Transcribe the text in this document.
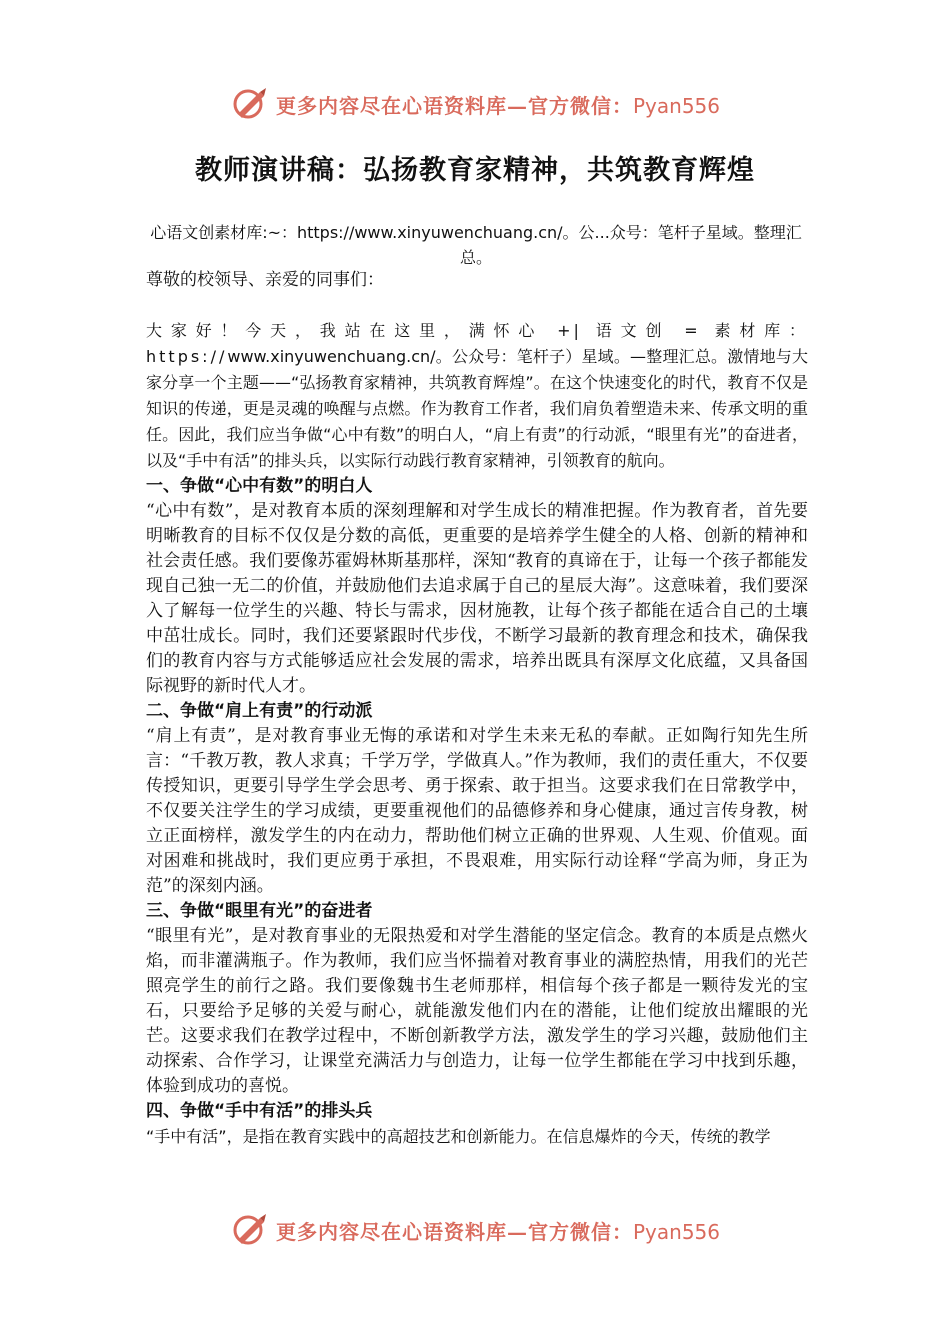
更多内容尽在心语资料库—官方微信：Pyan556
教师演讲稿：弘扬教育家精神，共筑教育辉煌
心语文创素材库:~：https://www.xinyuwenchuang.cn/。公...众号：笔杆子星域。整理汇总。

尊敬的校领导、亲爱的同事们：

大家好！今天，我站在这里，满怀心 +| 语文创 = 素材库：https://www.xinyuwenchuang.cn/。公众号：笔杆子）星域。—整理汇总。激情地与大家分享一个主题——“弘扬教育家精神，共筑教育辉煌”。在这个快速变化的时代，教育不仅是知识的传递，更是灵魂的唤醒与点燃。作为教育工作者，我们肩负着塑造未来、传承文明的重任。因此，我们应当争做“心中有数”的明白人，“肩上有责”的行动派，“眼里有光”的奋进者，以及“手中有活”的排头兵，以实际行动践行教育家精神，引领教育的航向。

一、争做“心中有数”的明白人

“心中有数”，是对教育本质的深刻理解和对学生成长的精准把握。作为教育者，首先要明晰教育的目标不仅仅是分数的高低，更重要的是培养学生健全的人格、创新的精神和社会责任感。我们要像苏霍姆林斯基那样，深知“教育的真谛在于，让每一个孩子都能发现自己独一无二的价值，并鼓励他们去追求属于自己的星辰大海”。这意味着，我们要深入了解每一位学生的兴趣、特长与需求，因材施教，让每个孩子都能在适合自己的土壤中茁壮成长。同时，我们还要紧跟时代步伐，不断学习最新的教育理念和技术，确保我们的教育内容与方式能够适应社会发展的需求，培养出既具有深厚文化底蕴，又具备国际视野的新时代人才。

二、争做“肩上有责”的行动派

“肩上有责”，是对教育事业无悔的承诺和对学生未来无私的奉献。正如陶行知先生所言：“千教万教，教人求真；千学万学，学做真人。”作为教师，我们的责任重大，不仅要传授知识，更要引导学生学会思考、勇于探索、敢于担当。这要求我们在日常教学中，不仅要关注学生的学习成绩，更要重视他们的品德修养和身心健康，通过言传身教，树立正面榜样，激发学生的内在动力，帮助他们树立正确的世界观、人生观、价值观。面对困难和挑战时，我们更应勇于承担，不畏艰难，用实际行动诠释“学高为师，身正为范”的深刻内涵。

三、争做“眼里有光”的奋进者

“眼里有光”，是对教育事业的无限热爱和对学生潜能的坚定信念。教育的本质是点燃火焰，而非灌满瓶子。作为教师，我们应当怀揣着对教育事业的满腔热情，用我们的光芒照亮学生的前行之路。我们要像魏书生老师那样，相信每个孩子都是一颗待发光的宝石，只要给予足够的关爱与耐心，就能激发他们内在的潜能，让他们绽放出耀眼的光芒。这要求我们在教学过程中，不断创新教学方法，激发学生的学习兴趣，鼓励他们主动探索、合作学习，让课堂充满活力与创造力，让每一位学生都能在学习中找到乐趣，体验到成功的喜悦。

四、争做“手中有活”的排头兵

“手中有活”，是指在教育实践中的高超技艺和创新能力。在信息爆炸的今天，传统的教学

更多内容尽在心语资料库—官方微信：Pyan556
